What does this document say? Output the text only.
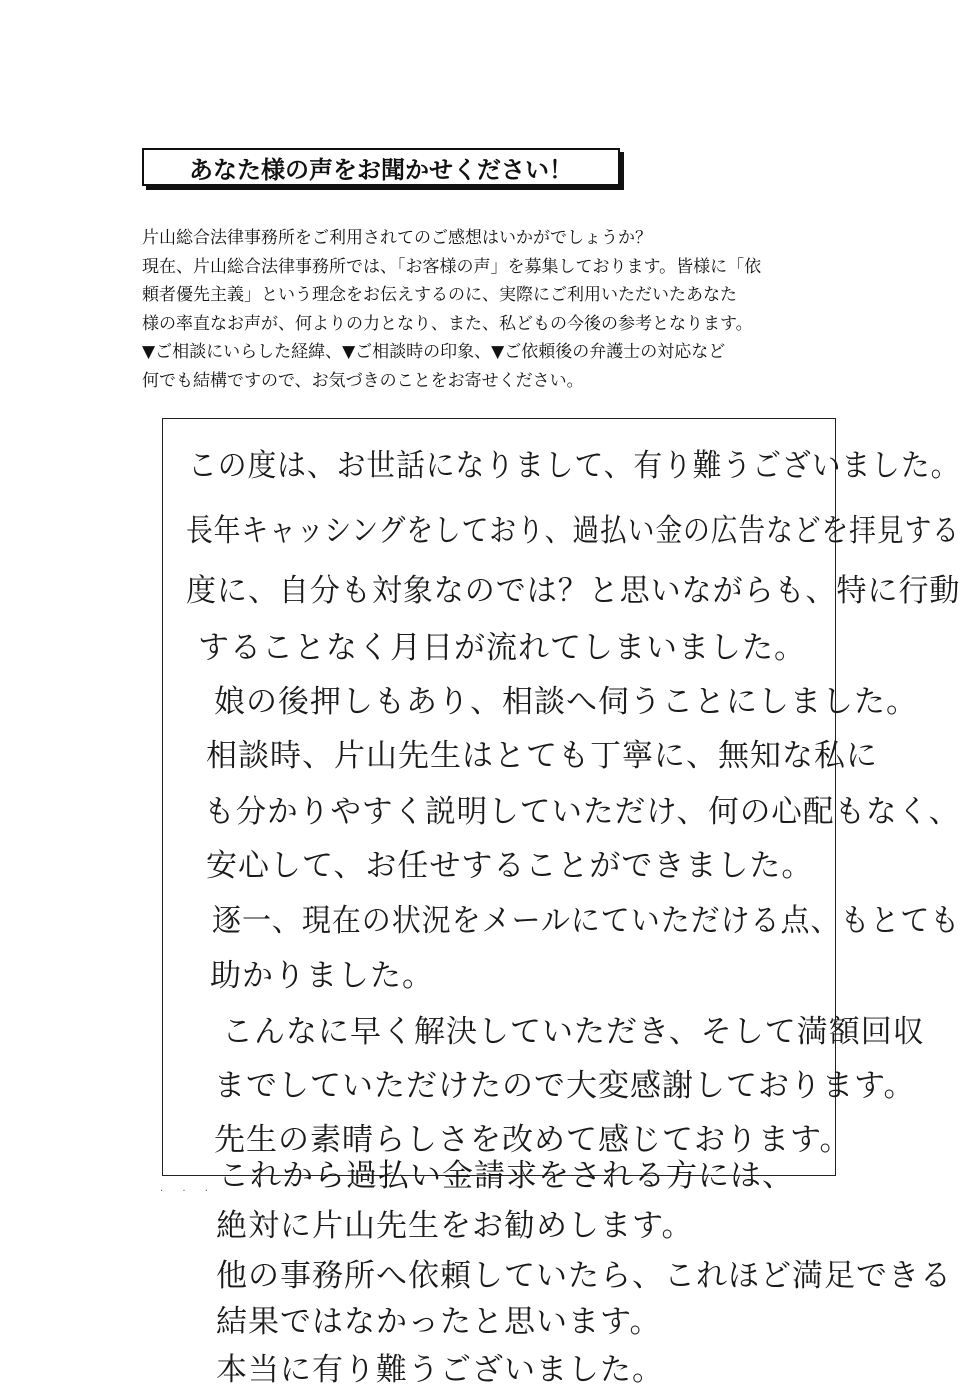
あなた様の声をお聞かせください！
片山総合法律事務所をご利用されてのご感想はいかがでしょうか？
現在、片山総合法律事務所では、「お客様の声」を募集しております。皆様に「依
頼者優先主義」という理念をお伝えするのに、実際にご利用いただいたあなた
様の率直なお声が、何よりの力となり、また、私どもの今後の参考となります。
▼ご相談にいらした経緯、▼ご相談時の印象、▼ご依頼後の弁護士の対応など
何でも結構ですので、お気づきのことをお寄せください。
· · ·
この度は、お世話になりまして、有り難うございました。
長年キャッシングをしており、過払い金の広告などを拝見する
度に、自分も対象なのでは？と思いながらも、特に行動
することなく月日が流れてしまいました。
娘の後押しもあり、相談へ伺うことにしました。
相談時、片山先生はとても丁寧に、無知な私に
も分かりやすく説明していただけ、何の心配もなく、
安心して、お任せすることができました。
逐一、現在の状況をメールにていただける点、もとても
助かりました。
こんなに早く解決していただき、そして満額回収
までしていただけたので大変感謝しております。
先生の素晴らしさを改めて感じております。
これから過払い金請求をされる方には、
絶対に片山先生をお勧めします。
他の事務所へ依頼していたら、これほど満足できる
結果ではなかったと思います。
本当に有り難うございました。
